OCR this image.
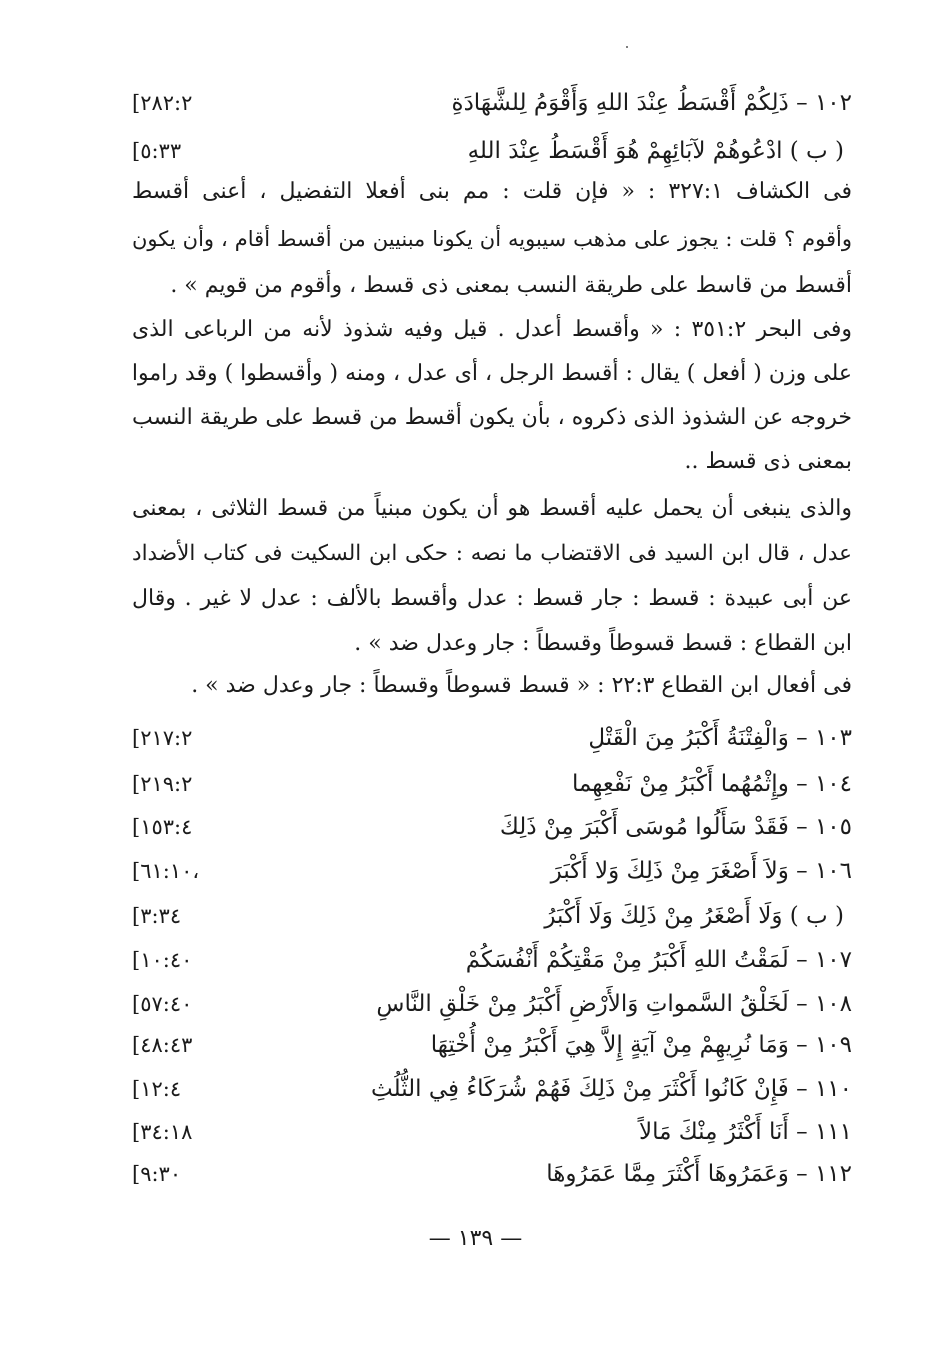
١٠٢ – ذَلِكُمْ أَقْسَطُ عِنْدَ اللهِ وَأَقْوَمُ لِلشَّهَادَةِ
[٢٨٢:٢
( ب ) ادْعُوهُمْ لآبَائِهِمْ هُوَ أَقْسَطُ عِنْدَ اللهِ
[٥:٣٣
فى الكشاف ٣٢٧:١ : « فإن قلت : مم بنى أفعلا التفضيل ، أعنى أقسط
وأقوم ؟ قلت : يجوز على مذهب سيبويه أن يكونا مبنيين من أقسط أقام ، وأن يكون
أقسط من قاسط على طريقة النسب بمعنى ذى قسط ، وأقوم من قويم » .
وفى البحر ٣٥١:٢ : « وأقسط أعدل . قيل وفيه شذوذ لأنه من الرباعى الذى
على وزن ( أفعل ) يقال : أقسط الرجل ، أى عدل ، ومنه ( وأقسطوا ) وقد راموا
خروجه عن الشذوذ الذى ذكروه ، بأن يكون أقسط من قسط على طريقة النسب
بمعنى ذى قسط ..
والذى ينبغى أن يحمل عليه أقسط هو أن يكون مبنياً من قسط الثلاثى ، بمعنى
عدل ، قال ابن السيد فى الاقتضاب ما نصه : حكى ابن السكيت فى كتاب الأضداد
عن أبى عبيدة : قسط : جار قسط : عدل وأقسط بالألف : عدل لا غير . وقال
ابن القطاع : قسط قسوطاً وقسطاً : جار وعدل ضد » .
فى أفعال ابن القطاع ٢٢:٣ : « قسط قسوطاً وقسطاً : جار وعدل ضد » .
١٠٣ – وَالْفِتْنَةُ أَكْبَرُ مِنَ الْقَتْلِ
[٢١٧:٢
١٠٤ – وإِثْمُهُما أَكْبَرُ مِنْ نَفْعِهِما
[٢١٩:٢
١٠٥ – فَقَدْ سَأَلُوا مُوسَى أَكْبَرَ مِنْ ذَلِكَ
[١٥٣:٤
١٠٦ – وَلاَ أَصْغَرَ مِنْ ذَلِكَ وَلا أَكْبَرَ
[٦١:١٠،
( ب ) وَلَا أَصْغَرُ مِنْ ذَلِكَ وَلَا أَكْبَرُ
[٣:٣٤
١٠٧ – لَمَقْتُ اللهِ أَكْبَرُ مِنْ مَقْتِكُمْ أَنْفُسَكُمْ
[١٠:٤٠
١٠٨ – لَخَلْقُ السَّمواتِ وَالأَرْضِ أَكْبَرُ مِنْ خَلْقِ النَّاسِ
[٥٧:٤٠
١٠٩ – وَمَا نُرِيهِمْ مِنْ آيَةٍ إِلاَّ هِيَ أَكْبَرُ مِنْ أُخْتِهَا
[٤٨:٤٣
١١٠ – فَإِنْ كَانُوا أَكْثَرَ مِنْ ذَلِكَ فَهُمْ شُرَكَاءُ فِي الثُّلُثِ
[١٢:٤
١١١ – أَنَا أَكْثَرُ مِنْكَ مَالاً
[٣٤:١٨
١١٢ – وَعَمَرُوهَا أَكْثَرَ مِمَّا عَمَرُوهَا
[٩:٣٠
— ١٣٩ —
